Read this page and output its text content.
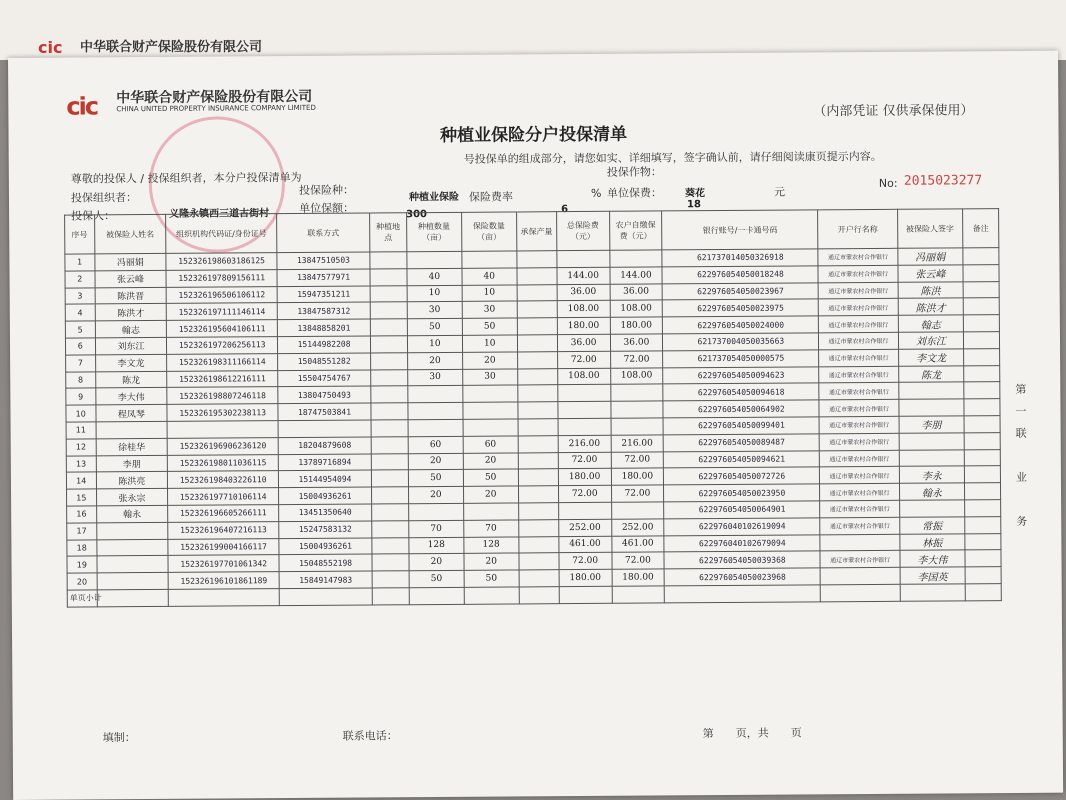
cic 中华联合财产保险股份有限公司
cic 中华联合财产保险股份有限公司
CHINA UNITED PROPERTY INSURANCE COMPANY LIMITED	（内部凭证 仅供承保使用）
种植业保险分户投保清单
号投保单的组成部分，请您如实、详细填写，签字确认前，请仔细阅读康页提示内容。
尊敬的投保人 / 投保组织者，本分户投保清单为
投保组织者：
投保险种：
投保人：	义隆永镇西三道古街村	单位保额：
种植业保险
投保作物：
保险费率	% 单位保费： 葵花	元
No: 2015023277
300	6	18
序号	被保险人姓名	组织机构代码证/身份证号	联系方式	种植地点	种植数量（亩）	保险数量（亩）	承保产量	总保险费（元）	农户自缴保费（元）	银行账号/一卡通号码	开户行名称	被保险人签字	备注
1	冯丽娟	152326198603186125	13847510503							621737014050326918	通辽市蒙农村合作银行	冯丽娟	
2	张云峰	152326197809156111	13847577971		40	40		144.00	144.00	622976054050018248	通辽市蒙农村合作银行	张云峰	
3	陈洪晋	152326196506106112	15947351211		10	10		36.00	36.00	622976054050023967	通辽市蒙农村合作银行	陈洪	
4	陈洪才	152326197111146114	13847587312		30	30		108.00	108.00	622976054050023975	通辽市蒙农村合作银行	陈洪才	
5	翰志	152326195604106111	13848858201		50	50		180.00	180.00	622976054050024000	通辽市蒙农村合作银行	翰志	
6	刘东江	152326197206256113	15144982208		10	10		36.00	36.00	621737004050035663	通辽市蒙农村合作银行	刘东江	
7	李文龙	152326198311166114	15048551282		20	20		72.00	72.00	621737054050000575	通辽市蒙农村合作银行	李文龙	
8	陈龙	152326198612216111	15504754767		30	30		108.00	108.00	622976054050094623	通辽市蒙农村合作银行	陈龙	
9	李大伟	152326198807246118	13804750493							622976054050094618	通辽市蒙农村合作银行		
10	程凤琴	152326195302238113	18747503841							622976054050064902	通辽市蒙农村合作银行		
11										622976054050099401	通辽市蒙农村合作银行	李朋	
12	徐桂华	152326196906236120	18204879608		60	60		216.00	216.00	622976054050089487	通辽市蒙农村合作银行		
13	李朋	152326198011036115	13789716894		20	20		72.00	72.00	622976054050094621	通辽市蒙农村合作银行		
14	陈洪亮	152326198403226110	15144954094		50	50		180.00	180.00	622976054050072726	通辽市蒙农村合作银行	李永	
15	张永宗	152326197710106114	15004936261		20	20		72.00	72.00	622976054050023950	通辽市蒙农村合作银行	翰永	
16	翰永	152326196605266111	13451350640							622976054050064901	通辽市蒙农村合作银行		
17		152326196407216113	15247583132		70	70		252.00	252.00	622976040102619094	通辽市蒙农村合作银行	常振	
18		152326199004166117	15004936261		128	128		461.00	461.00	622976040102679094		林振	
19		152326197701061342	15048552198		20	20		72.00	72.00	622976054050039368	通辽市蒙农村合作银行	李大伟	
20		152326196101861189	15849147983		50	50		180.00	180.00	622976054050023968		李国英	
单页小计													
第
一
联
业
务
填制：	联系电话：	第　　页，共　　页
